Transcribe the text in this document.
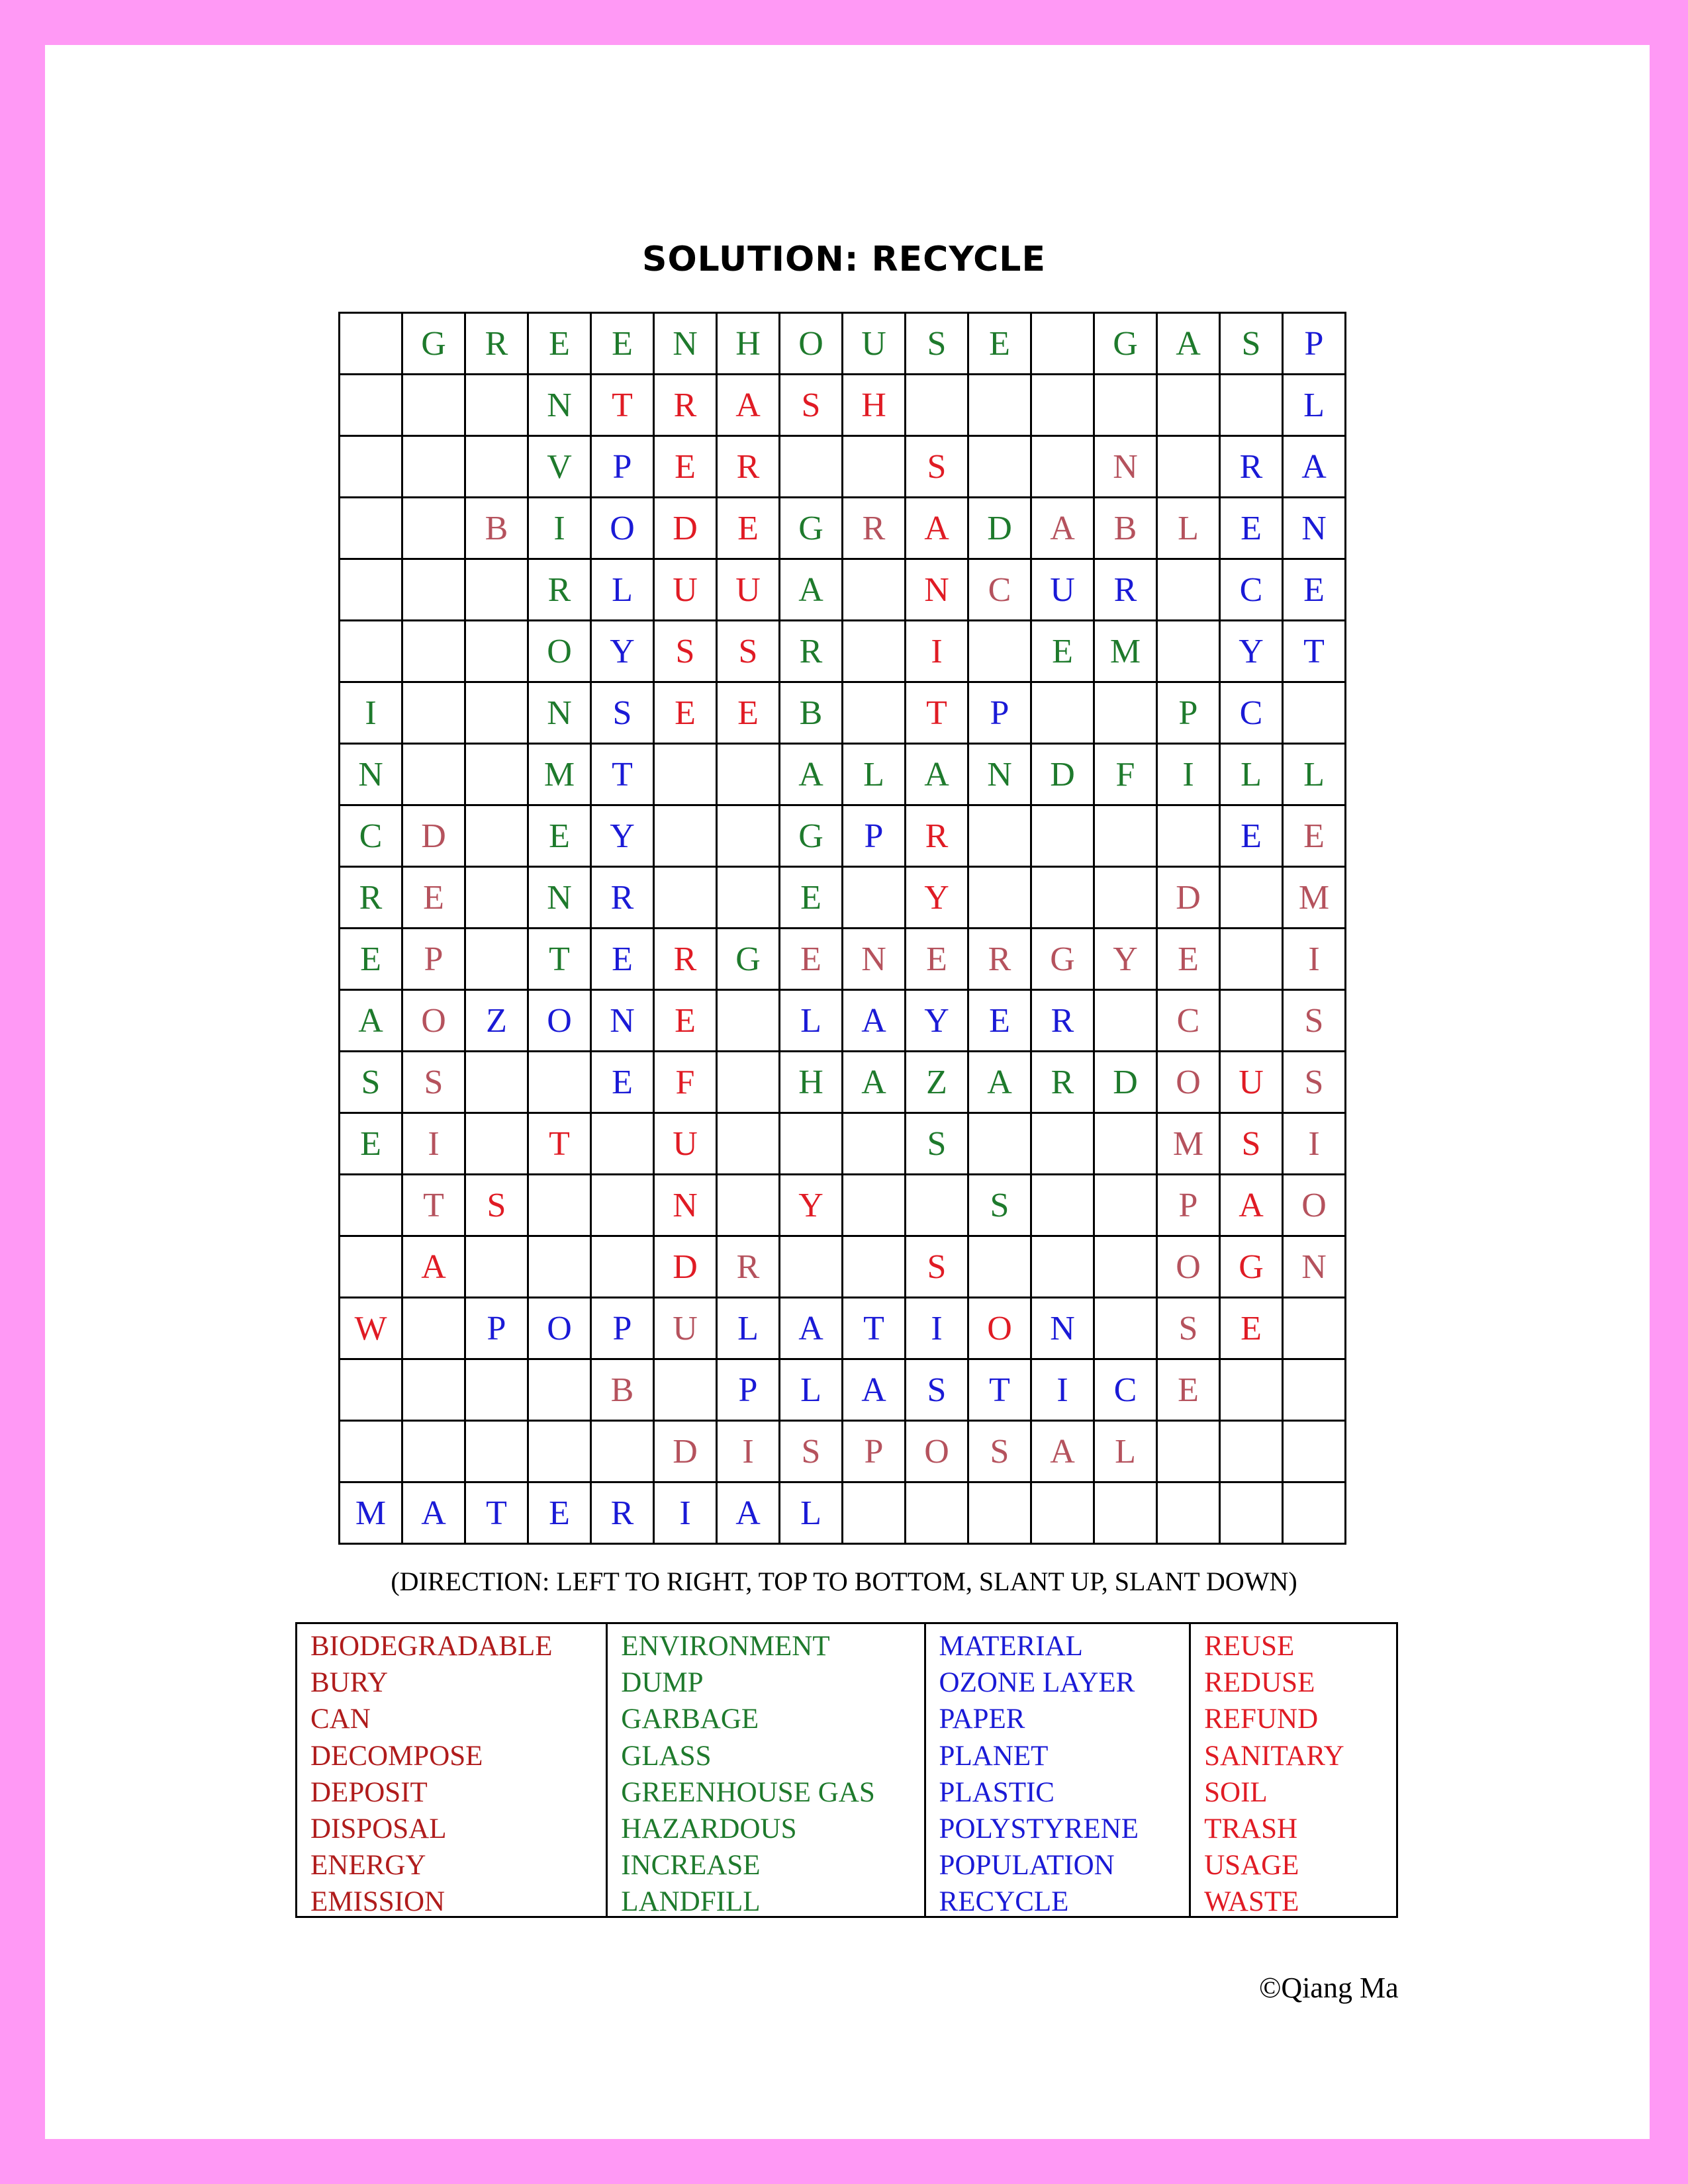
SOLUTION: RECYCLE
	G	R	E	E	N	H	O	U	S	E		G	A	S	P
			N	T	R	A	S	H							L
			V	P	E	R			S			N		R	A
		B	I	O	D	E	G	R	A	D	A	B	L	E	N
			R	L	U	U	A		N	C	U	R		C	E
			O	Y	S	S	R		I		E	M		Y	T
I			N	S	E	E	B		T	P			P	C	
N			M	T			A	L	A	N	D	F	I	L	L
C	D		E	Y			G	P	R					E	E
R	E		N	R			E		Y				D		M
E	P		T	E	R	G	E	N	E	R	G	Y	E		I
A	O	Z	O	N	E		L	A	Y	E	R		C		S
S	S			E	F		H	A	Z	A	R	D	O	U	S
E	I		T		U				S				M	S	I
	T	S			N		Y			S			P	A	O
	A				D	R			S				O	G	N
W		P	O	P	U	L	A	T	I	O	N		S	E	
				B		P	L	A	S	T	I	C	E		
					D	I	S	P	O	S	A	L			
M	A	T	E	R	I	A	L								
(DIRECTION: LEFT TO RIGHT, TOP TO BOTTOM, SLANT UP, SLANT DOWN)
BIODEGRADABLE
BURY
CAN
DECOMPOSE
DEPOSIT
DISPOSAL
ENERGY
EMISSION
ENVIRONMENT
DUMP
GARBAGE
GLASS
GREENHOUSE GAS
HAZARDOUS
INCREASE
LANDFILL
MATERIAL
OZONE LAYER
PAPER
PLANET
PLASTIC
POLYSTYRENE
POPULATION
RECYCLE
REUSE
REDUSE
REFUND
SANITARY
SOIL
TRASH
USAGE
WASTE
©Qiang Ma
